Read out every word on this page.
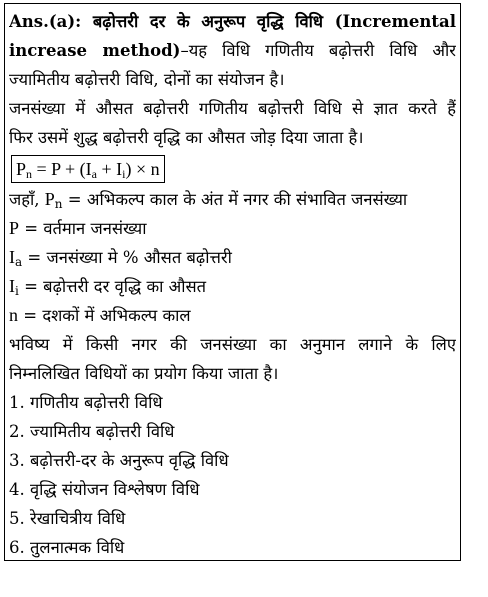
Ans.(a): बढ़ोत्तरी दर के अनुरूप वृद्धि विधि (Incremental
increase method)–यह विधि गणितीय बढ़ोत्तरी विधि और
ज्यामितीय बढ़ोत्तरी विधि, दोनों का संयोजन है।
जनसंख्या में औसत बढ़ोत्तरी गणितीय बढ़ोत्तरी विधि से ज्ञात करते हैं
फिर उसमें शुद्ध बढ़ोत्तरी वृद्धि का औसत जोड़ दिया जाता है।
$P_n = P + (I_a + I_i) \times n$
जहाँ, $P_n$ = अभिकल्प काल के अंत में नगर की संभावित जनसंख्या
P = वर्तमान जनसंख्या
$I_a$ = जनसंख्या मे % औसत बढ़ोत्तरी
$I_i$ = बढ़ोत्तरी दर वृद्धि का औसत
n = दशकों में अभिकल्प काल
भविष्य में किसी नगर की जनसंख्या का अनुमान लगाने के लिए
निम्नलिखित विधियों का प्रयोग किया जाता है।
1. गणितीय बढ़ोत्तरी विधि
2. ज्यामितीय बढ़ोत्तरी विधि
3. बढ़ोत्तरी-दर के अनुरूप वृद्धि विधि
4. वृद्धि संयोजन विश्लेषण विधि
5. रेखाचित्रीय विधि
6. तुलनात्मक विधि
